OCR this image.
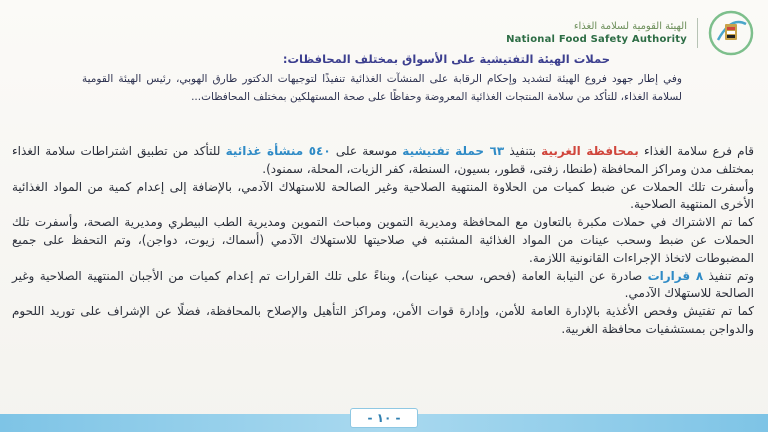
الهيئة القومية لسلامة الغذاء
National Food Safety Authority
حملات الهيئة التفتيشية على الأسواق بمختلف المحافظات:
وفي إطار جهود فروع الهيئة لتشديد وإحكام الرقابة على المنشآت الغذائية تنفيذًا لتوجيهات الدكتور طارق الهوبي، رئيس الهيئة القومية لسلامة الغذاء، للتأكد من سلامة المنتجات الغذائية المعروضة وحفاظًا على صحة المستهلكين بمختلف المحافظات...

قام فرع سلامة الغذاء بمحافظة الغربية بتنفيذ ٦٣ حملة تفتيشية موسعة على ٥٤٠ منشأة غذائية للتأكد من تطبيق اشتراطات سلامة الغذاء بمختلف مدن ومراكز المحافظة (طنطا، زفتى، قطور، بسيون، السنطة، كفر الزيات، المحلة، سمنود).

وأسفرت تلك الحملات عن ضبط كميات من الحلاوة المنتهية الصلاحية وغير الصالحة للاستهلاك الآدمي، بالإضافة إلى إعدام كمية من المواد الغذائية الأخرى المنتهية الصلاحية.

كما تم الاشتراك في حملات مكبرة بالتعاون مع المحافظة ومديرية التموين ومباحث التموين ومديرية الطب البيطري ومديرية الصحة، وأسفرت تلك الحملات عن ضبط وسحب عينات من المواد الغذائية المشتبه في صلاحيتها للاستهلاك الآدمي (أسماك، زيوت، دواجن)، وتم التحفظ على جميع المضبوطات لاتخاذ الإجراءات القانونية اللازمة.

وتم تنفيذ ٨ قرارات صادرة عن النيابة العامة (فحص، سحب عينات)، وبناءً على تلك القرارات تم إعدام كميات من الأجبان المنتهية الصلاحية وغير الصالحة للاستهلاك الآدمي.

كما تم تفتيش وفحص الأغذية بالإدارة العامة للأمن، وإدارة قوات الأمن، ومراكز التأهيل والإصلاح بالمحافظة، فضلًا عن الإشراف على توريد اللحوم والدواجن بمستشفيات محافظة الغربية.

- ١٠ -
